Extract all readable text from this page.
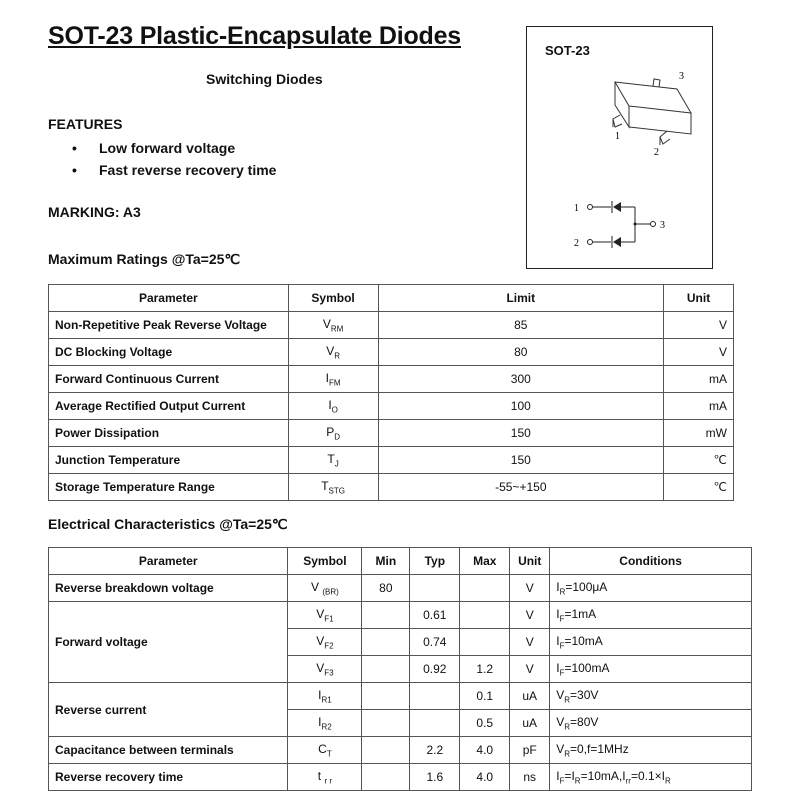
SOT-23 Plastic-Encapsulate Diodes
Switching Diodes
FEATURES
• Low forward voltage
• Fast reverse recovery time
MARKING: A3
SOT-23
3
1
2
1
2
3
Maximum Ratings @Ta=25℃
Parameter	Symbol	Limit	Unit
Non-Repetitive Peak Reverse Voltage	$V_{RM}$	85	V
DC Blocking Voltage	$V_R$	80	V
Forward Continuous Current	$I_{FM}$	300	mA
Average Rectified Output Current	$I_O$	100	mA
Power Dissipation	$P_D$	150	mW
Junction Temperature	$T_J$	150	℃
Storage Temperature Range	$T_{STG}$	-55~+150	℃
Electrical Characteristics @Ta=25℃
Parameter	Symbol	Min	Typ	Max	Unit	Conditions
Reverse breakdown voltage	V $_{(BR)}$	80			V	$I_R=100\mu A$
Forward voltage	$V_{F1}$		0.61		V	$I_F=1mA$
	$V_{F2}$		0.74		V	$I_F=10mA$
	$V_{F3}$		0.92	1.2	V	$I_F=100mA$
Reverse current	$I_{R1}$			0.1	uA	$V_R=30V$
	$I_{R2}$			0.5	uA	$V_R=80V$
Capacitance between terminals	$C_T$		2.2	4.0	pF	$V_R=0,f=1MHz$
Reverse recovery time	t $_{r r}$		1.6	4.0	ns	$I_F=I_R=10mA,I_{rr}=0.1\times I_R$
